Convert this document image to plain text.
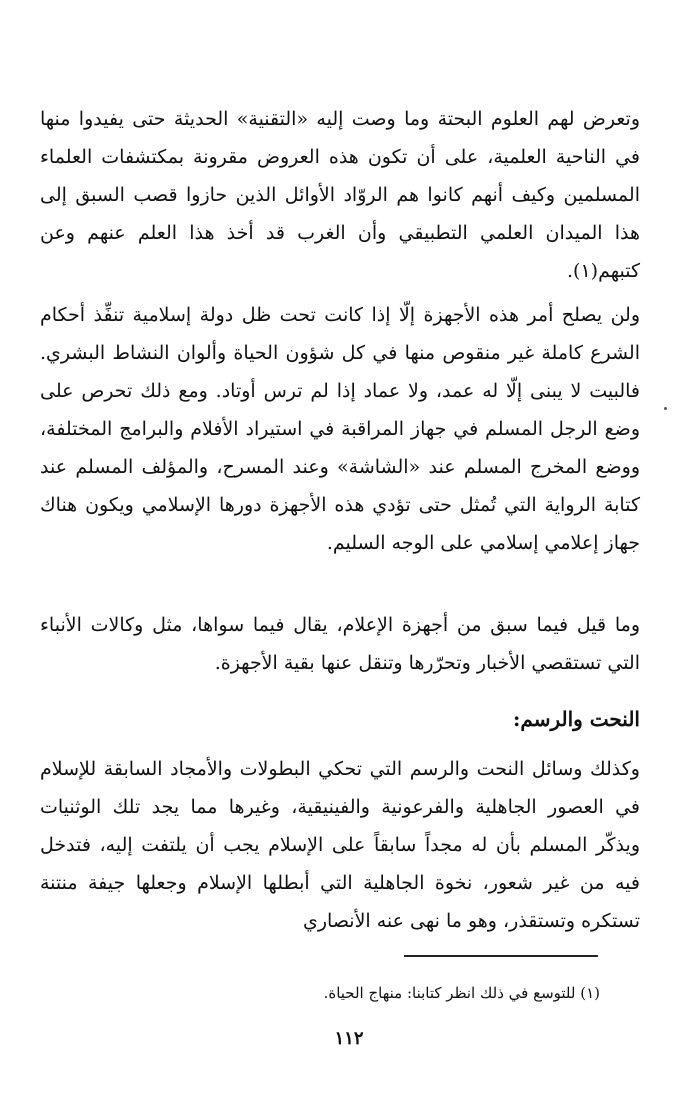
وتعرض لهم العلوم البحتة وما وصت إليه «التقنية» الحديثة حتى يفيدوا منها في الناحية العلمية، على أن تكون هذه العروض مقرونة بمكتشفات العلماء المسلمين وكيف أنهم كانوا هم الروّاد الأوائل الذين حازوا قصب السبق إلى هذا الميدان العلمي التطبيقي وأن الغرب قد أخذ هذا العلم عنهم وعن كتبهم(١).

ولن يصلح أمر هذه الأجهزة إلّا إذا كانت تحت ظل دولة إسلامية تنفِّذ أحكام الشرع كاملة غير منقوص منها في كل شؤون الحياة وألوان النشاط البشري. فالبيت لا يبنى إلّا له عمد، ولا عماد إذا لم ترس أوتاد. ومع ذلك تحرص على وضع الرجل المسلم في جهاز المراقبة في استيراد الأفلام والبرامج المختلفة، ووضع المخرج المسلم عند «الشاشة» وعند المسرح، والمؤلف المسلم عند كتابة الرواية التي تُمثل حتى تؤدي هذه الأجهزة دورها الإسلامي ويكون هناك جهاز إعلامي إسلامي على الوجه السليم.

وما قيل فيما سبق من أجهزة الإعلام، يقال فيما سواها، مثل وكالات الأنباء التي تستقصي الأخبار وتحرّرها وتنقل عنها بقية الأجهزة.

النحت والرسم:

وكذلك وسائل النحت والرسم التي تحكي البطولات والأمجاد السابقة للإسلام في العصور الجاهلية والفرعونية والفينيقية، وغيرها مما يجد تلك الوثنيات ويذكّر المسلم بأن له مجداً سابقاً على الإسلام يجب أن يلتفت إليه، فتدخل فيه من غير شعور، نخوة الجاهلية التي أبطلها الإسلام وجعلها جيفة منتنة تستكره وتستقذر، وهو ما نهى عنه الأنصاري

(١) للتوسع في ذلك انظر كتابنا: منهاج الحياة.
١١٢
